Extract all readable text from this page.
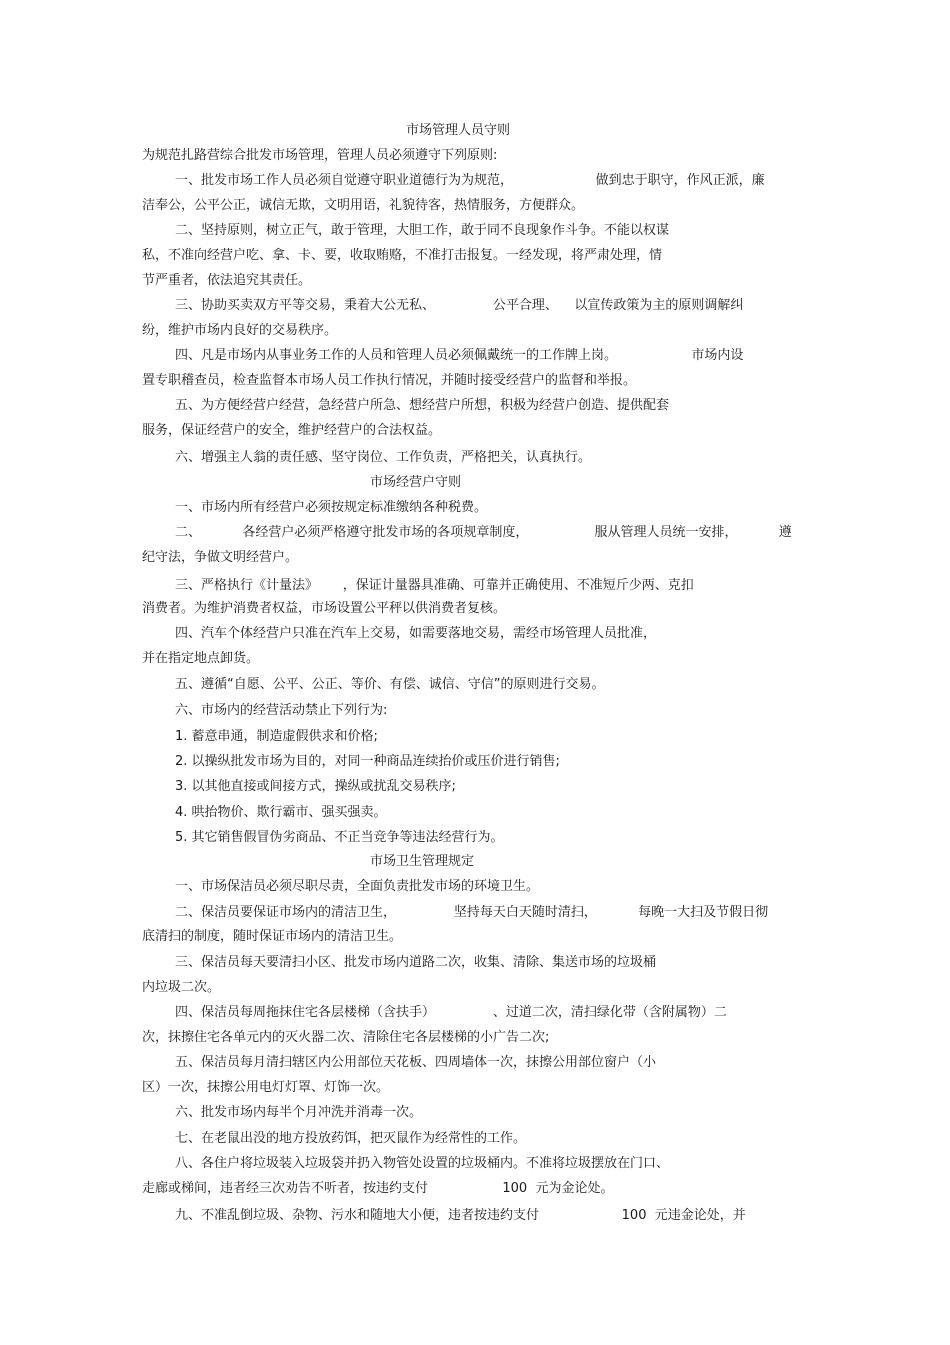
市场管理人员守则
为规范扎路营综合批发市场管理，管理人员必须遵守下列原则:
一、批发市场工作人员必须自觉遵守职业道德行为为规范，                    做到忠于职守，作风正派，廉
洁奉公，公平公正，诚信无欺，文明用语，礼貌待客，热情服务，方便群众。
二、坚持原则，树立正气，敢于管理，大胆工作，敢于同不良现象作斗争。不能以权谋
私，不准向经营户吃、拿、卡、要，收取贿赂，不准打击报复。一经发现，将严肃处理，情
节严重者，依法追究其责任。
三、协助买卖双方平等交易，秉着大公无私、              公平合理、    以宣传政策为主的原则调解纠
纷，维护市场内良好的交易秩序。
四、凡是市场内从事业务工作的人员和管理人员必须佩戴统一的工作牌上岗。                  市场内设
置专职稽查员，检查监督本市场人员工作执行情况，并随时接受经营户的监督和举报。
五、为方便经营户经营，急经营户所急、想经营户所想，积极为经营户创造、提供配套
服务，保证经营户的安全，维护经营户的合法权益。
六、增强主人翁的责任感、坚守岗位、工作负责，严格把关，认真执行。
市场经营户守则
一、市场内所有经营户必须按规定标准缴纳各种税费。
二、          各经营户必须严格遵守批发市场的各项规章制度，                服从管理人员统一安排，          遵
纪守法，争做文明经营户。
三、严格执行《计量法》      ，保证计量器具准确、可靠并正确使用、不准短斤少两、克扣
消费者。为维护消费者权益，市场设置公平秤以供消费者复核。
四、汽车个体经营户只准在汽车上交易，如需要落地交易，需经市场管理人员批准，
并在指定地点卸货。
五、遵循“自愿、公平、公正、等价、有偿、诚信、守信”的原则进行交易。
六、市场内的经营活动禁止下列行为:
1. 蓄意串通，制造虚假供求和价格;
2. 以操纵批发市场为目的，对同一种商品连续抬价或压价进行销售;
3. 以其他直接或间接方式，操纵或扰乱交易秩序;
4. 哄抬物价、欺行霸市、强买强卖。
5. 其它销售假冒伪劣商品、不正当竞争等违法经营行为。
市场卫生管理规定
一、市场保洁员必须尽职尽责，全面负责批发市场的环境卫生。
二、保洁员要保证市场内的清洁卫生，              坚持每天白天随时清扫，          每晚一大扫及节假日彻
底清扫的制度，随时保证市场内的清洁卫生。
三、保洁员每天要清扫小区、批发市场内道路二次，收集、清除、集送市场的垃圾桶
内垃圾二次。
四、保洁员每周拖抹住宅各层楼梯（含扶手）              、过道二次，清扫绿化带（含附属物）二
次，抹擦住宅各单元内的灭火器二次、清除住宅各层楼梯的小广告二次;
五、保洁员每月清扫辖区内公用部位天花板、四周墙体一次，抹擦公用部位窗户（小
区）一次，抹擦公用电灯灯罩、灯饰一次。
六、批发市场内每半个月冲洗并消毒一次。
七、在老鼠出没的地方投放药饵，把灭鼠作为经常性的工作。
八、各住户将垃圾装入垃圾袋并扔入物管处设置的垃圾桶内。不准将垃圾摆放在门口、
走廊或梯间，违者经三次劝告不听者，按违约支付                  100  元为金论处。
九、不准乱倒垃圾、杂物、污水和随地大小便，违者按违约支付                    100  元违金论处，并
